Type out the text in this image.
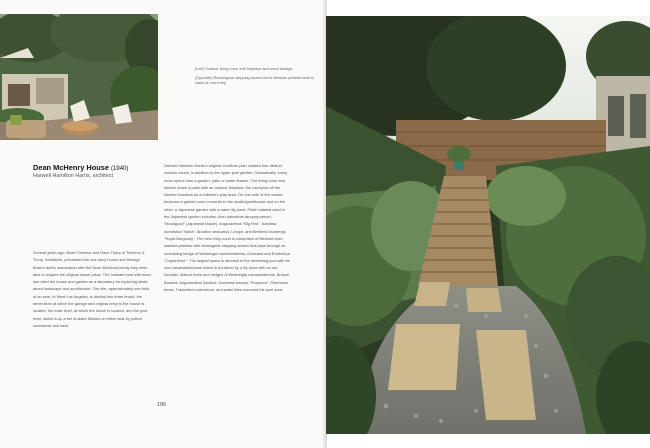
(Left) Outdoor living room with fireplace and wood storage.

(Opposite) Rectangular stepping stones set in Mexican pebbles lead to stairs of new entry.

Dean McHenry House (1940)
Harwell Hamilton Harris, architect
Several years ago, Brian Tichenor and Raun Thorp of Tichenor & Thorp, Architects, purchased the one-story house and through Brian's aunt's association with the Dean McHenry family they were able to acquire the original house plans. The husband and wife team has used the house and garden as a laboratory for exploring ideas about landscape and architecture. The site, approximately one third of an acre, in West Los Angeles, is divided into three levels: the street level at which the garage and original entry to the house is located, the main level, at which the house is located, and the pool level, which is up a set of stairs flanked on either side by potted succulents and cacti.
Harwell Hamilton Harris's original cruciform plan created four distinct outdoor courts, in addition to the upper pool garden. Dramatically, every room opens onto a garden, patio or water feature. The living room and kitchen share a patio with an outdoor fireplace; the courtyard off the kitchen functions as a children's play area. On one side of the master bedroom a garden court connects to the studio/guesthouse and on the other, a Japanese garden with a water lily pond. Plant material used in the Japanese garden includes: Acer palmatum atropurpureum, "bloodgood" (Japanese Maple), Angozanthos "Big Red", Nandina domestica "Nana", Abutilon vesicarius, Liriope, and Berberis thunbergii "Royal Burgundy". The new entry court is comprised of Mexican river-washed pebbles with rectangular stepping stones that pass through an undulating hedge of Westringia rosmariniformis, Dodonea and Ertobotrya "Coppertone". The largest space is devoted to the swimming pool with its own cabana/teahouse which is bordered by a lily pond with an uni-fountain. Mature trees and hedges of Westringia rosmariniformis, Bronze Banana, Angozanthos flavidus, Dodonea viscosa "Purpurea", Phormium tenax, Trachelium coeruleum, and water lilies surround the pool area.
106
